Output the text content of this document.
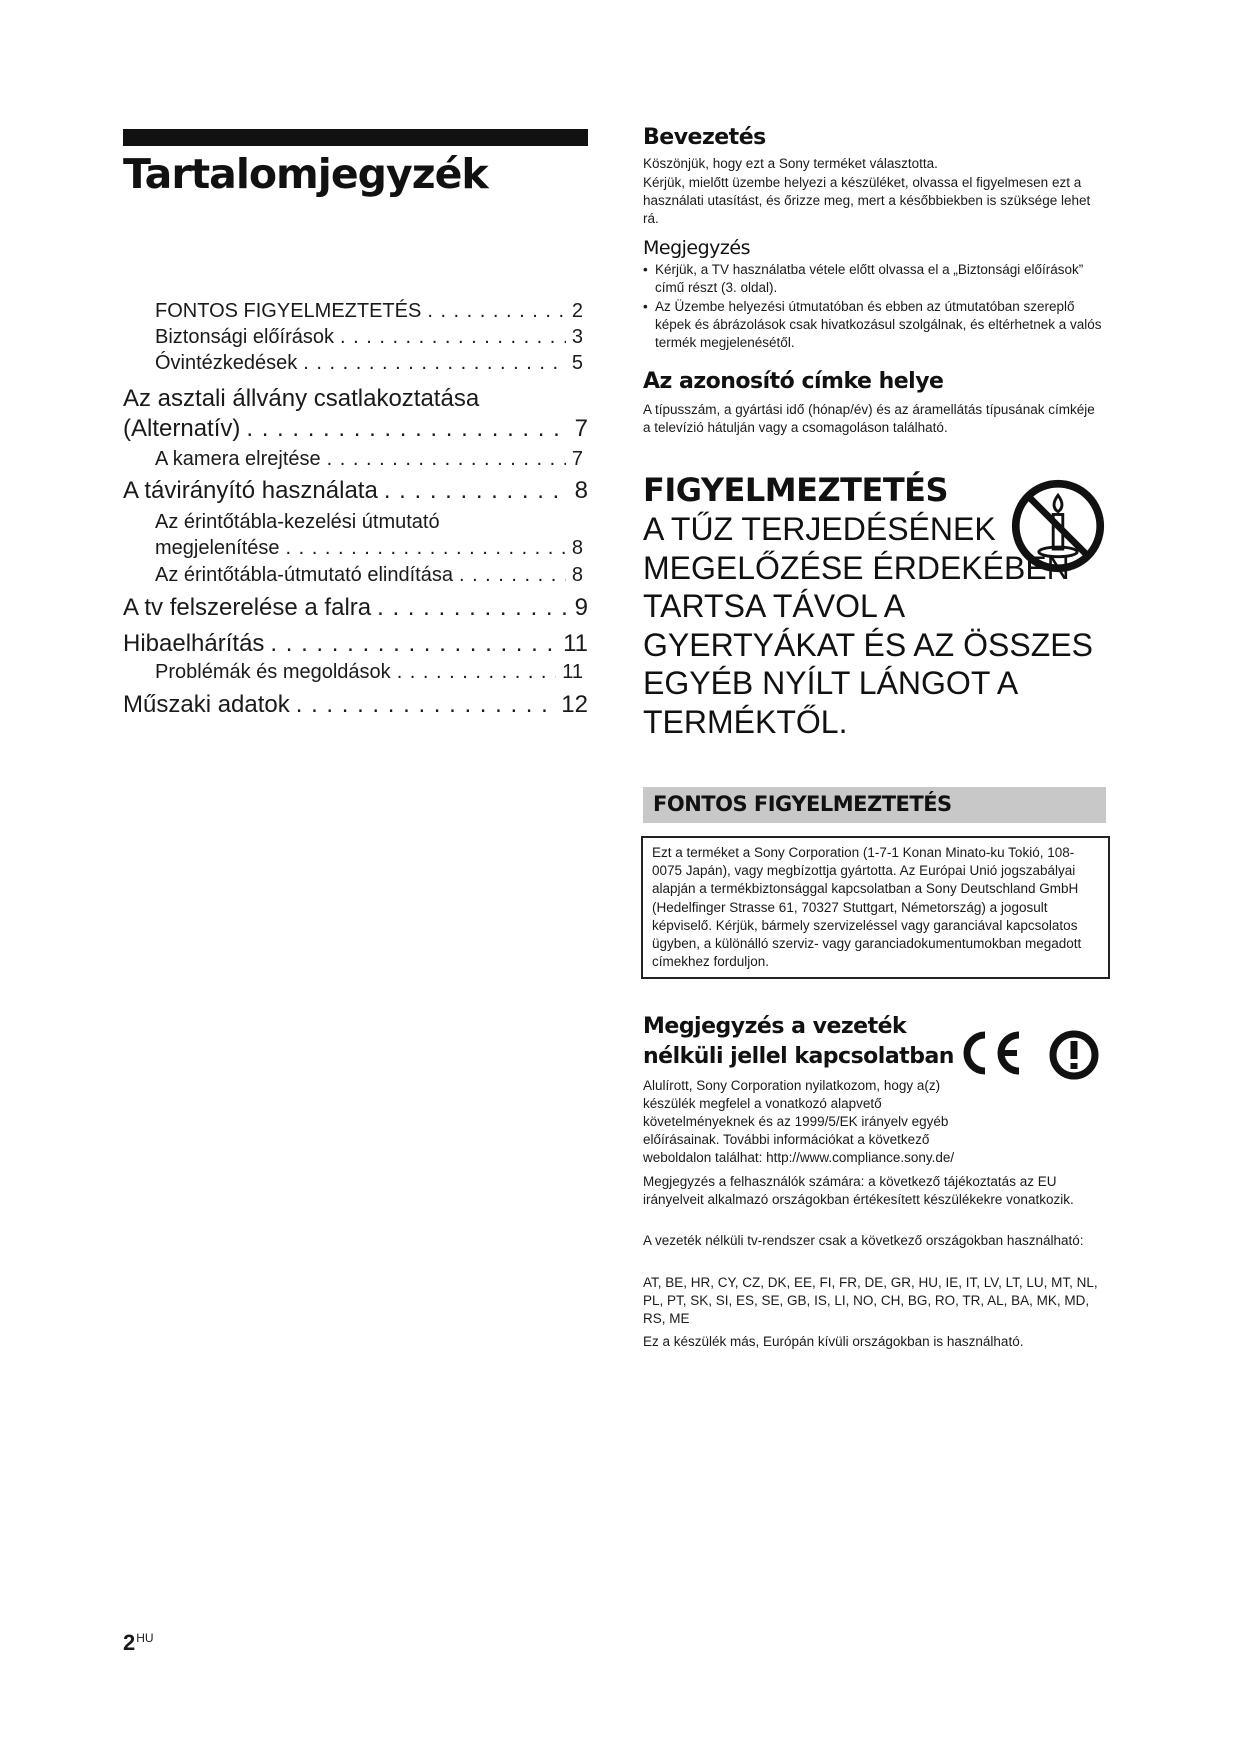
Tartalomjegyzék
FONTOS FIGYELMEZTETÉS . . .	2
Biztonsági előírások . . .	3
Óvintézkedések . . .	5
Az asztali állvány csatlakoztatása
(Alternatív) . . .	7
A kamera elrejtése . . .	7
A távirányító használata . . .	8
Az érintőtábla-kezelési útmutató
megjelenítése . . .	8
Az érintőtábla-útmutató elindítása . . .	8
A tv felszerelése a falra . . .	9
Hibaelhárítás . . .	11
Problémák és megoldások . . .	11
Műszaki adatok . . .	12
Bevezetés
Köszönjük, hogy ezt a Sony terméket választotta.
Kérjük, mielőtt üzembe helyezi a készüléket, olvassa el figyelmesen ezt a használati utasítást, és őrizze meg, mert a későbbiekben is szüksége lehet rá.
Megjegyzés
• Kérjük, a TV használatba vétele előtt olvassa el a „Biztonsági előírások” című részt (3. oldal).
• Az Üzembe helyezési útmutatóban és ebben az útmutatóban szereplő képek és ábrázolások csak hivatkozásul szolgálnak, és eltérhetnek a valós termék megjelenésétől.
Az azonosító címke helye
A típusszám, a gyártási idő (hónap/év) és az áramellátás típusának címkéje a televízió hátulján vagy a csomagoláson található.
FIGYELMEZTETÉS
A TŰZ TERJEDÉSÉNEK MEGELŐZÉSE ÉRDEKÉBEN TARTSA TÁVOL A GYERTYÁKAT ÉS AZ ÖSSZES EGYÉB NYÍLT LÁNGOT A TERMÉKTŐL.
FONTOS FIGYELMEZTETÉS
Ezt a terméket a Sony Corporation (1-7-1 Konan Minato-ku Tokió, 108-0075 Japán), vagy megbízottja gyártotta. Az Európai Unió jogszabályai alapján a termékbiztonsággal kapcsolatban a Sony Deutschland GmbH (Hedelfinger Strasse 61, 70327 Stuttgart, Németország) a jogosult képviselő. Kérjük, bármely szervizeléssel vagy garanciával kapcsolatos ügyben, a különálló szerviz- vagy garanciadokumentumokban megadott címekhez forduljon.
Megjegyzés a vezeték
nélküli jellel kapcsolatban
Alulírott, Sony Corporation nyilatkozom, hogy a(z) készülék megfelel a vonatkozó alapvető követelményeknek és az 1999/5/EK irányelv egyéb előírásainak. További információkat a következő weboldalon találhat: http://www.compliance.sony.de/
Megjegyzés a felhasználók számára: a következő tájékoztatás az EU irányelveit alkalmazó országokban értékesített készülékekre vonatkozik.
A vezeték nélküli tv-rendszer csak a következő országokban használható:
AT, BE, HR, CY, CZ, DK, EE, FI, FR, DE, GR, HU, IE, IT, LV, LT, LU, MT, NL, PL, PT, SK, SI, ES, SE, GB, IS, LI, NO, CH, BG, RO, TR, AL, BA, MK, MD, RS, ME
Ez a készülék más, Európán kívüli országokban is használható.
$2^{HU}$
